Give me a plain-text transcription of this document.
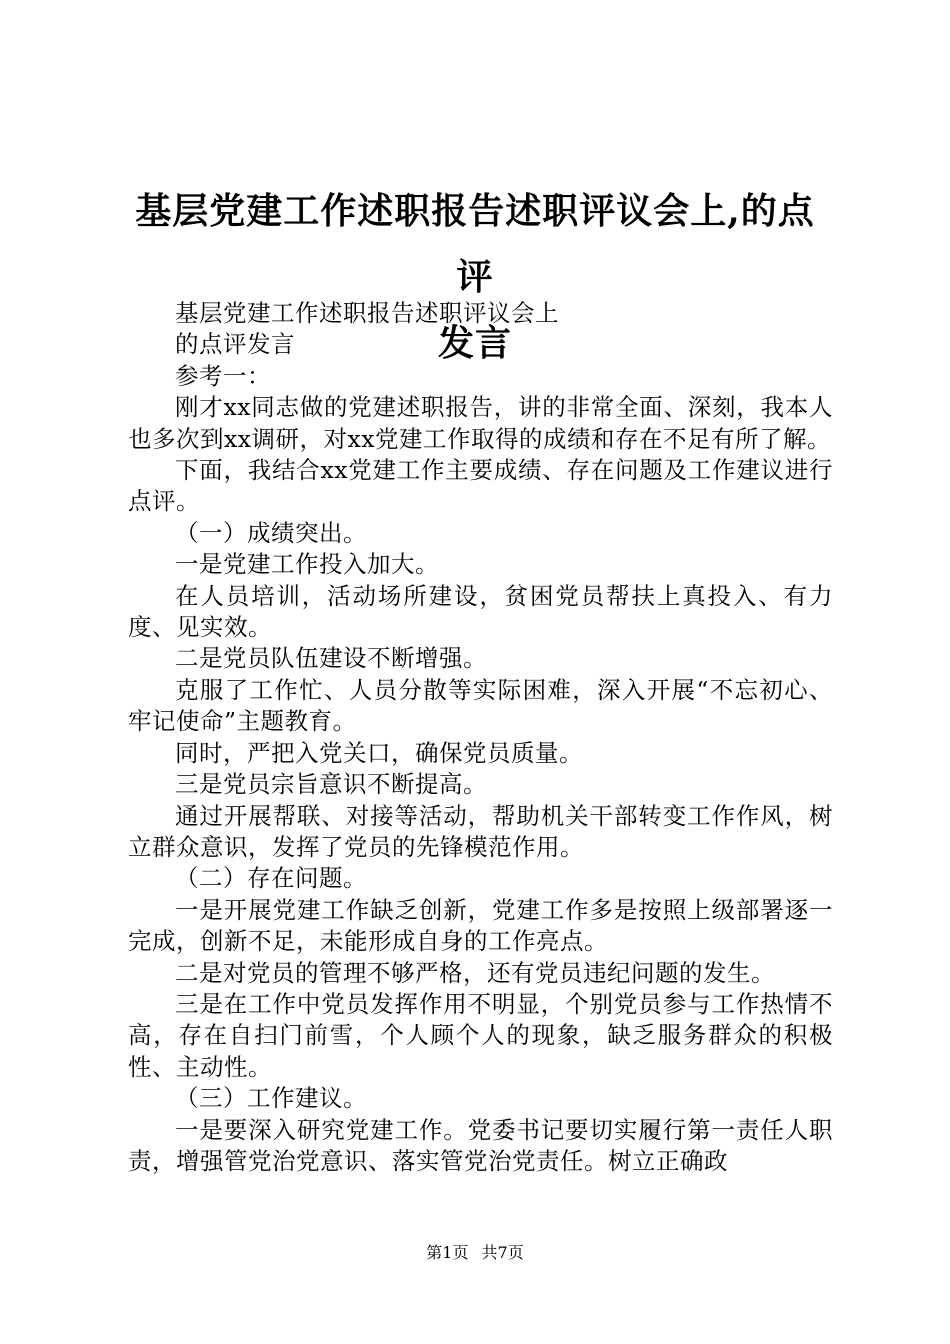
基层党建工作述职报告述职评议会上,的点评
发言

基层党建工作述职报告述职评议会上

的点评发言

参考一：

刚才xx同志做的党建述职报告，讲的非常全面、深刻，我本人也多次到xx调研，对xx党建工作取得的成绩和存在不足有所了解。

下面，我结合xx党建工作主要成绩、存在问题及工作建议进行点评。

（一）成绩突出。

一是党建工作投入加大。

在人员培训，活动场所建设，贫困党员帮扶上真投入、有力度、见实效。

二是党员队伍建设不断增强。

克服了工作忙、人员分散等实际困难，深入开展“不忘初心、牢记使命”主题教育。

同时，严把入党关口，确保党员质量。

三是党员宗旨意识不断提高。

通过开展帮联、对接等活动，帮助机关干部转变工作作风，树立群众意识，发挥了党员的先锋模范作用。

（二）存在问题。

一是开展党建工作缺乏创新，党建工作多是按照上级部署逐一完成，创新不足，未能形成自身的工作亮点。

二是对党员的管理不够严格，还有党员违纪问题的发生。

三是在工作中党员发挥作用不明显，个别党员参与工作热情不高，存在自扫门前雪，个人顾个人的现象，缺乏服务群众的积极性、主动性。

（三）工作建议。

一是要深入研究党建工作。党委书记要切实履行第一责任人职责，增强管党治党意识、落实管党治党责任。树立正确政

第1页 共7页
